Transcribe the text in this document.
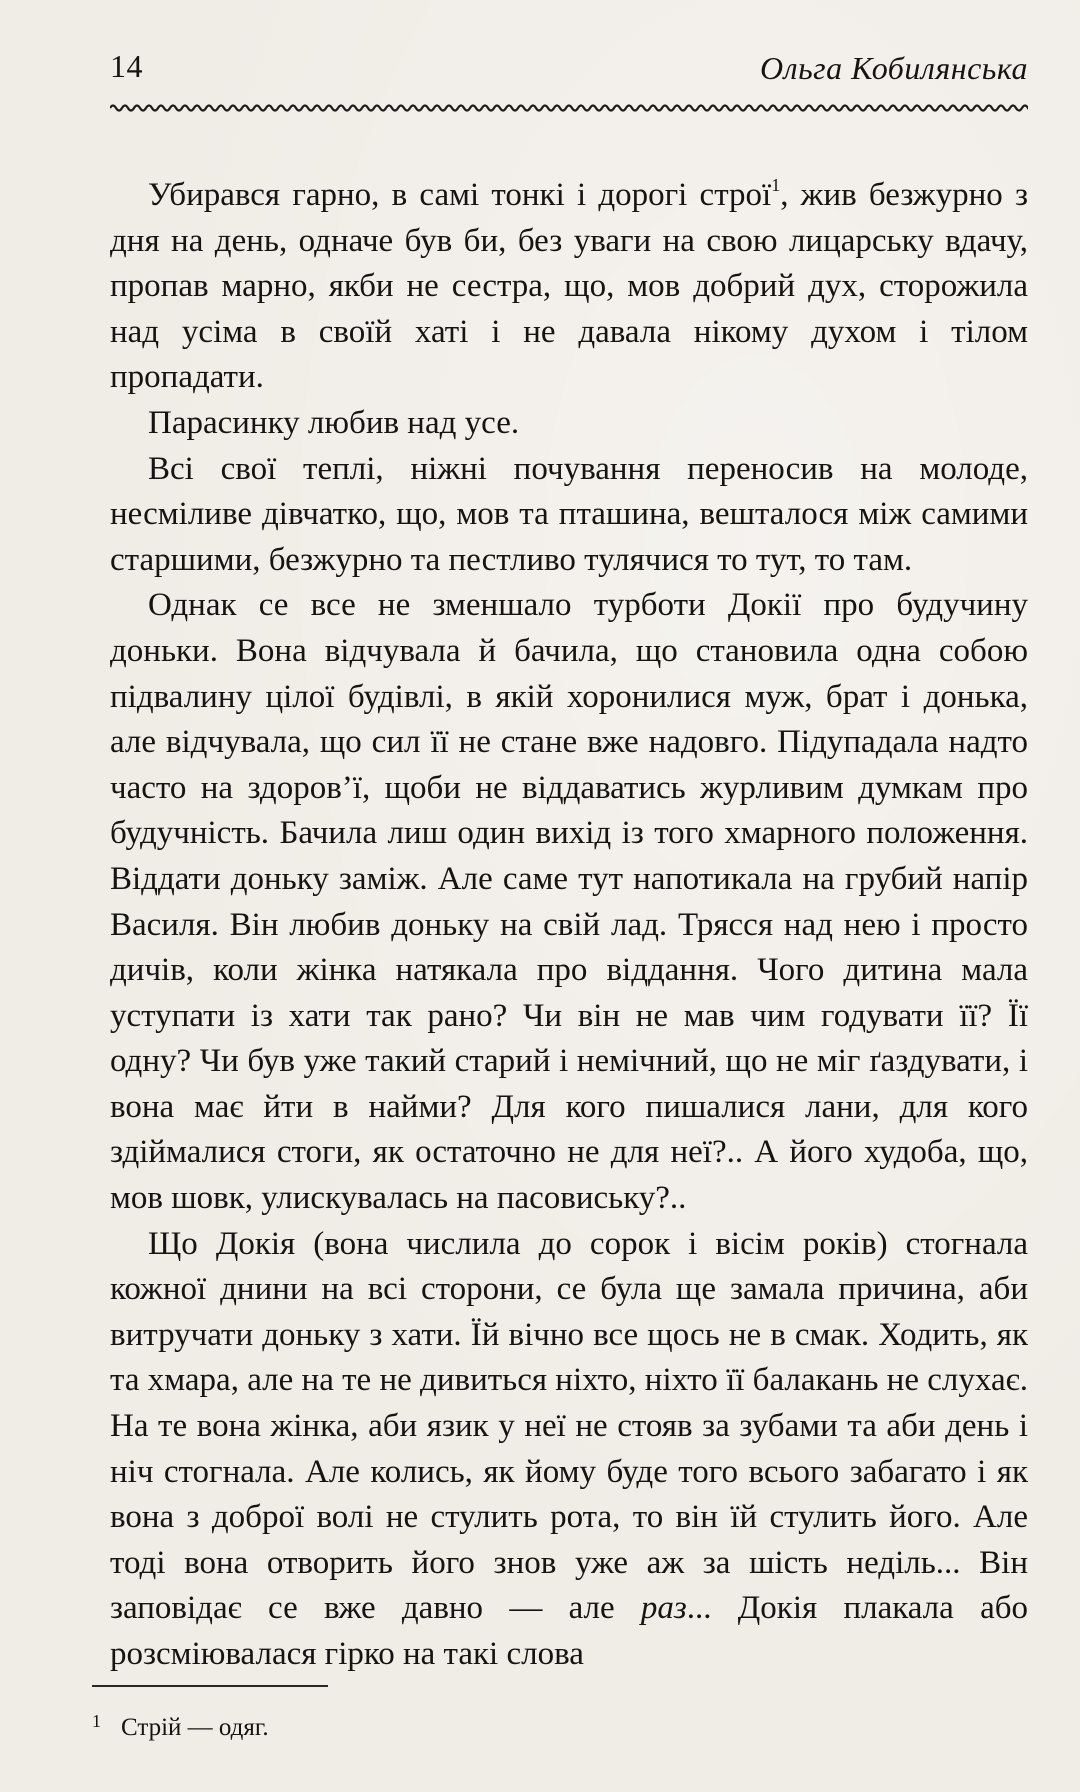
14	Ольга Кобилянська

Убирався гарно, в самі тонкі і дорогі строї$^1$, жив безжурно з дня на день, одначе був би, без уваги на свою лицарську вдачу, пропав марно, якби не сестра, що, мов добрий дух, сторожила над усіма в своїй хаті і не давала нікому духом і тілом пропадати.

Парасинку любив над усе.

Всі свої теплі, ніжні почування переносив на молоде, несміливе дівчатко, що, мов та пташина, вешталося між самими старшими, безжурно та пестливо тулячися то тут, то там.

Однак се все не зменшало турботи Докії про будучину доньки. Вона відчувала й бачила, що становила одна собою підвалину цілої будівлі, в якій хоронилися муж, брат і донька, але відчувала, що сил її не стане вже надовго. Підупадала надто часто на здоров’ї, щоби не віддаватись журливим думкам про будучність. Бачила лиш один вихід із того хмарного положення. Віддати доньку заміж. Але саме тут напотикала на грубий напір Василя. Він любив доньку на свій лад. Трясся над нею і просто дичів, коли жінка натякала про віддання. Чого дитина мала уступати із хати так рано? Чи він не мав чим годувати її? Її одну? Чи був уже такий старий і немічний, що не міг ґаздувати, і вона має йти в найми? Для кого пишалися лани, для кого здіймалися стоги, як остаточно не для неї?.. А його худоба, що, мов шовк, улискувалась на пасовиську?..

Що Докія (вона числила до сорок і вісім років) стогнала кожної днини на всі сторони, се була ще замала причина, аби витручати доньку з хати. Їй вічно все щось не в смак. Ходить, як та хмара, але на те не дивиться ніхто, ніхто її балакань не слухає. На те вона жінка, аби язик у неї не стояв за зубами та аби день і ніч стогнала. Але колись, як йому буде того всього забагато і як вона з доброї волі не стулить рота, то він їй стулить його. Але тоді вона отворить його знов уже аж за шість неділь... Він заповідає се вже давно — але раз... Докія плакала або розсміювалася гірко на такі слова

$^1$ Стрій — одяг.
